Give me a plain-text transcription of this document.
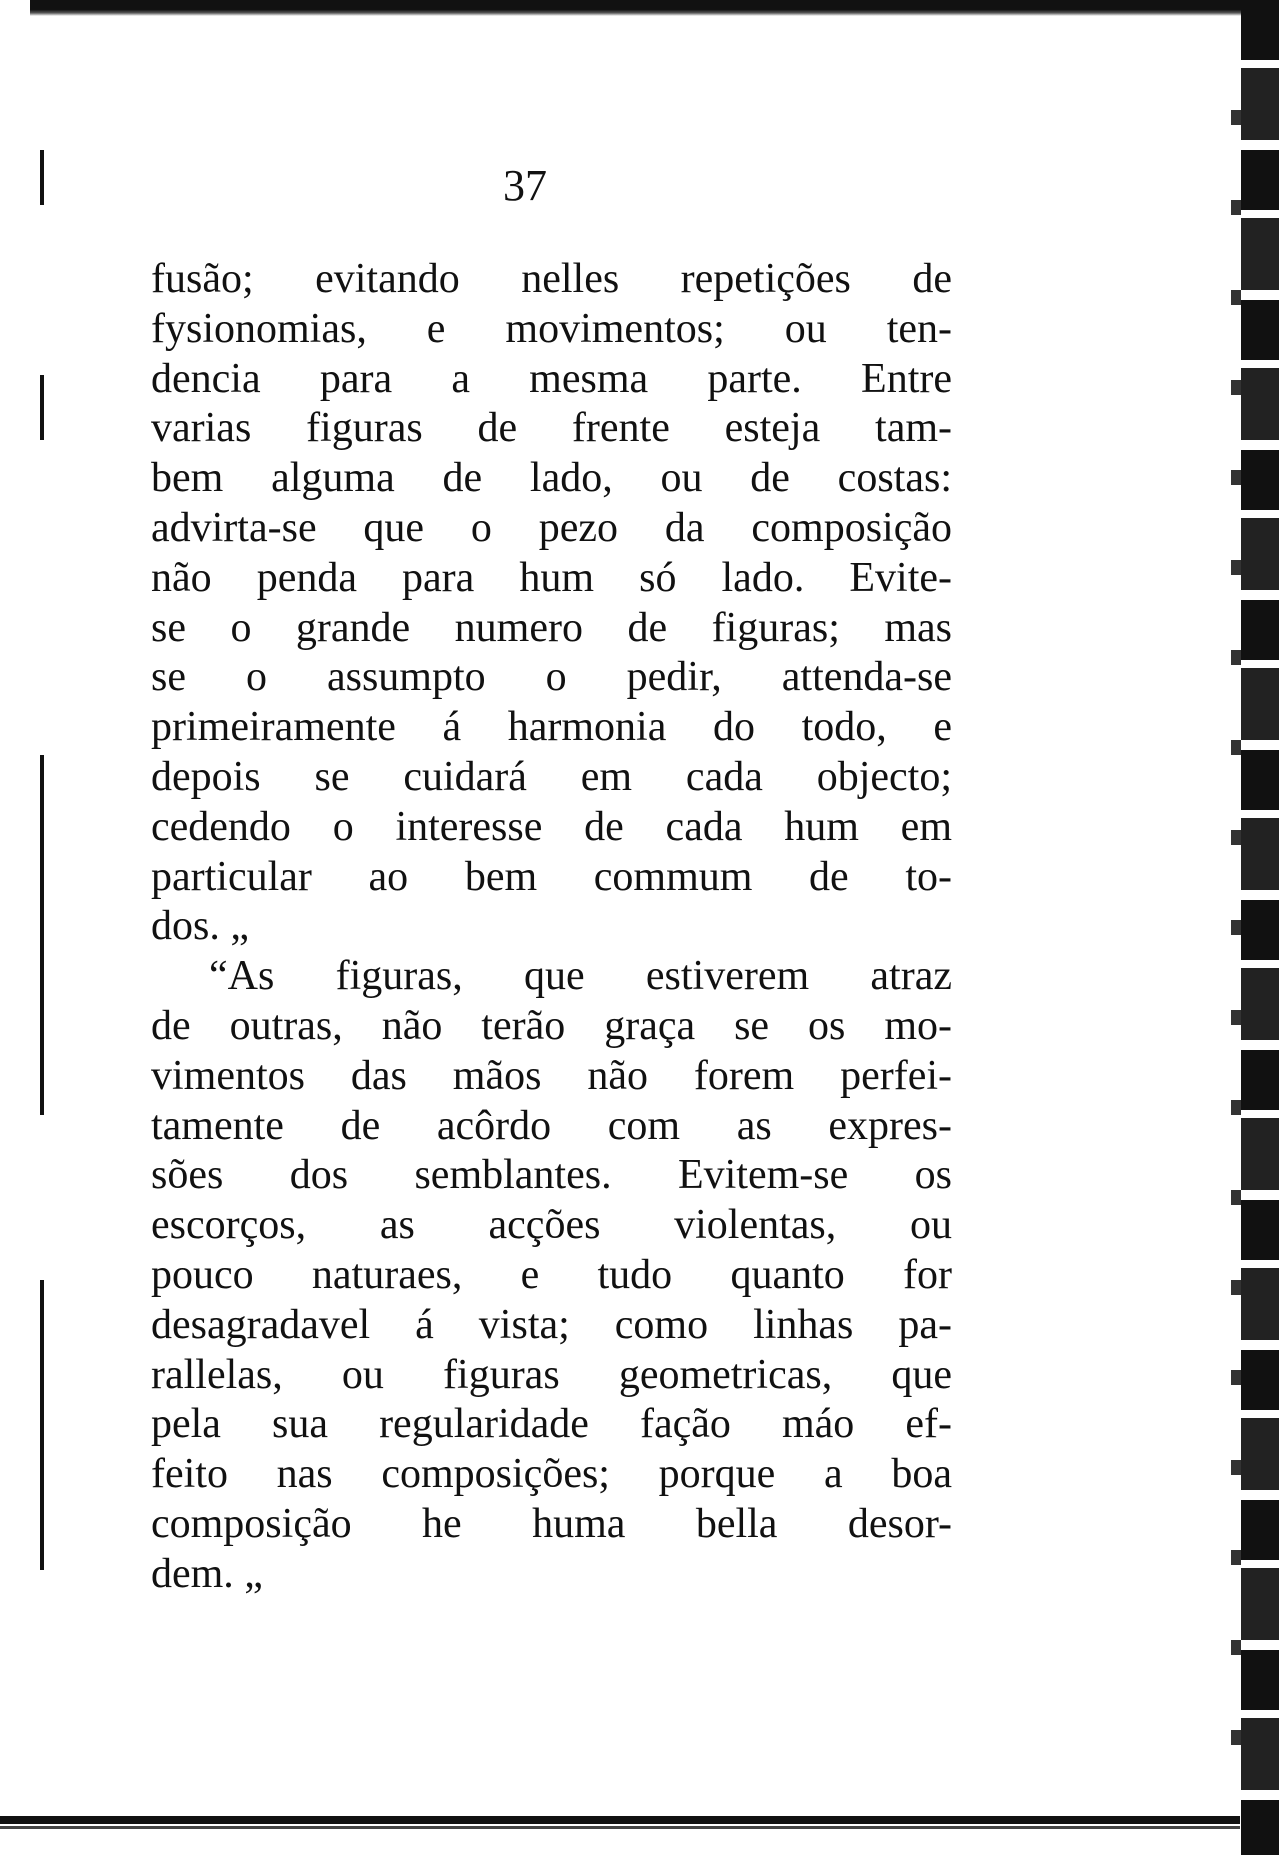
37
fusão; evitando nelles repetições de
fysionomias, e movimentos; ou ten-
dencia para a mesma parte. Entre
varias figuras de frente esteja tam-
bem alguma de lado, ou de costas:
advirta-se que o pezo da composição
não penda para hum só lado. Evite-
se o grande numero de figuras; mas
se o assumpto o pedir, attenda-se
primeiramente á harmonia do todo, e
depois se cuidará em cada objecto;
cedendo o interesse de cada hum em
particular ao bem commum de to-
dos. „
“As figuras, que estiverem atraz
de outras, não terão graça se os mo-
vimentos das mãos não forem perfei-
tamente de acôrdo com as expres-
sões dos semblantes. Evitem-se os
escorços, as acções violentas, ou
pouco naturaes, e tudo quanto for
desagradavel á vista; como linhas pa-
rallelas, ou figuras geometricas, que
pela sua regularidade fação máo ef-
feito nas composições; porque a boa
composição he huma bella desor-
dem. „
